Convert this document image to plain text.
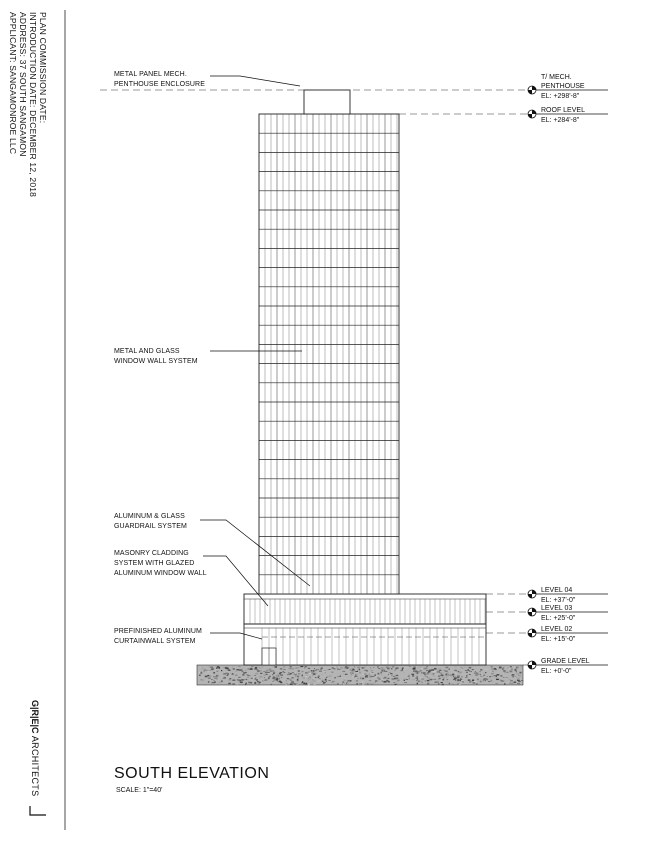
APPLICANT: SANGAMONROE LLC ADDRESS: 37 SOUTH SANGAMON INTRODUCTION DATE: DECEMBER 12, 2018 PLAN COMMISSION DATE:
G|R|E|C ARCHITECTS
METAL PANEL MECH.
PENTHOUSE ENCLOSURE
METAL AND GLASS
WINDOW WALL SYSTEM
ALUMINUM & GLASS
GUARDRAIL SYSTEM
MASONRY CLADDING
SYSTEM WITH GLAZED
ALUMINUM WINDOW WALL
PREFINISHED ALUMINUM
CURTAINWALL SYSTEM
T/ MECH.
PENTHOUSE
EL: +298'-8"
ROOF LEVEL
EL: +284'-8"
LEVEL 04
EL: +37'-0"
LEVEL 03
EL: +25'-0"
LEVEL 02
EL: +15'-0"
GRADE LEVEL
EL: +0'-0"
SOUTH ELEVATION
SCALE: 1"=40'
